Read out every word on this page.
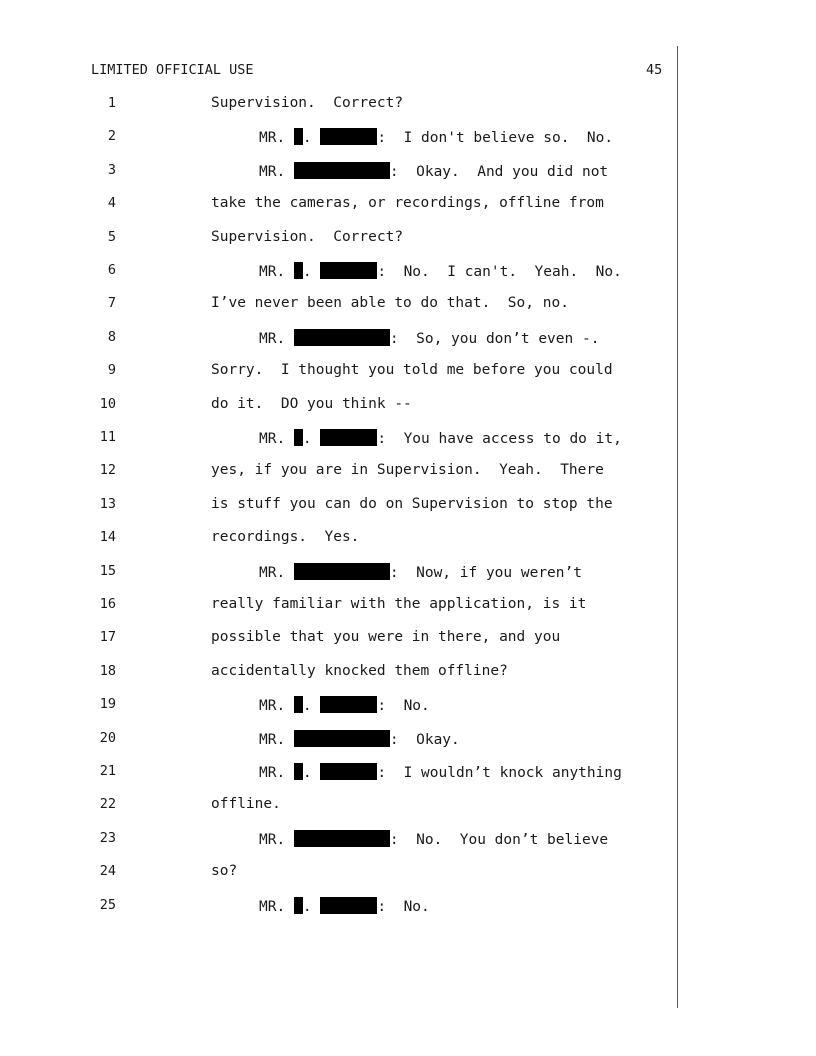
LIMITED OFFICIAL USE	45
1	Supervision.  Correct?
2	MR. .	:  I don't believe so.  No.
3	MR.	:  Okay.  And you did not
4	take the cameras, or recordings, offline from
5	Supervision.  Correct?
6	MR. .	:  No.  I can't.  Yeah.  No.
7	I’ve never been able to do that.  So, no.
8	MR.	:  So, you don’t even -.
9	Sorry.  I thought you told me before you could
10	do it.  DO you think --
11	MR. .	:  You have access to do it,
12	yes, if you are in Supervision.  Yeah.  There
13	is stuff you can do on Supervision to stop the
14	recordings.  Yes.
15	MR.	:  Now, if you weren’t
16	really familiar with the application, is it
17	possible that you were in there, and you
18	accidentally knocked them offline?
19	MR. .	:  No.
20	MR.	:  Okay.
21	MR. .	:  I wouldn’t knock anything
22	offline.
23	MR.	:  No.  You don’t believe
24	so?
25	MR. .	:  No.
